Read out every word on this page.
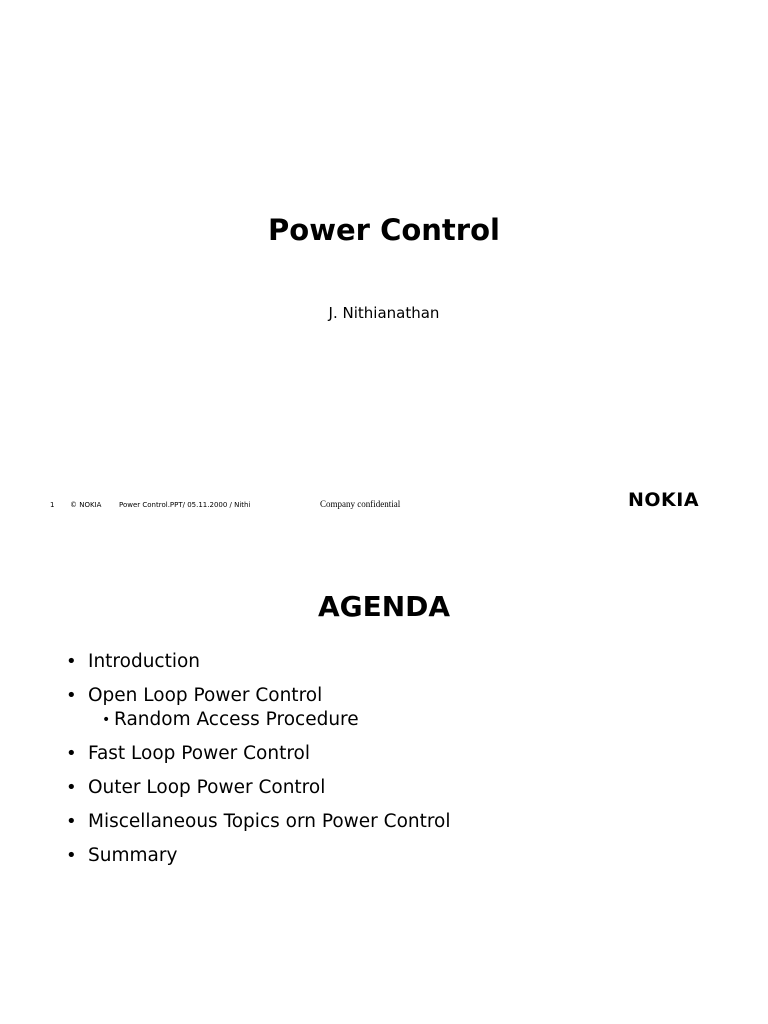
Power Control
J. Nithianathan
1 © NOKIA	Power Control.PPT/ 05.11.2000 / Nithi	Company confidential	NOKIA
AGENDA
• Introduction
• Open Loop Power Control
• Random Access Procedure
• Fast Loop Power Control
• Outer Loop Power Control
• Miscellaneous Topics orn Power Control
• Summary
